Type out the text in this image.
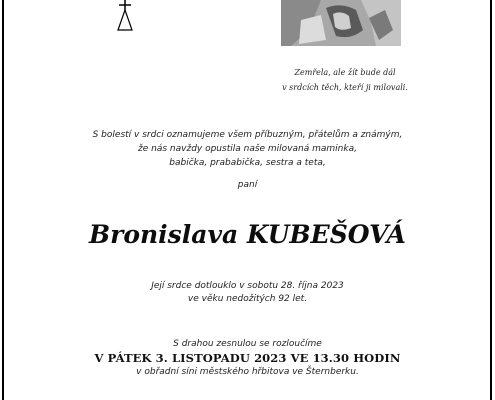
Zemřela, ale žít bude dál
v srdcích těch, kteří ji milovali.
S bolestí v srdci oznamujeme všem příbuzným, přátelům a známým,
že nás navždy opustila naše milovaná maminka,
babička, prababička, sestra a teta,
paní
Bronislava KUBEŠOVÁ
Její srdce dotlouklo v sobotu 28. října 2023
ve věku nedožitých 92 let.
S drahou zesnulou se rozloučíme
V PÁTEK 3. LISTOPADU 2023 VE 13.30 HODIN
v obřadní síni městského hřbitova ve Šternberku.
